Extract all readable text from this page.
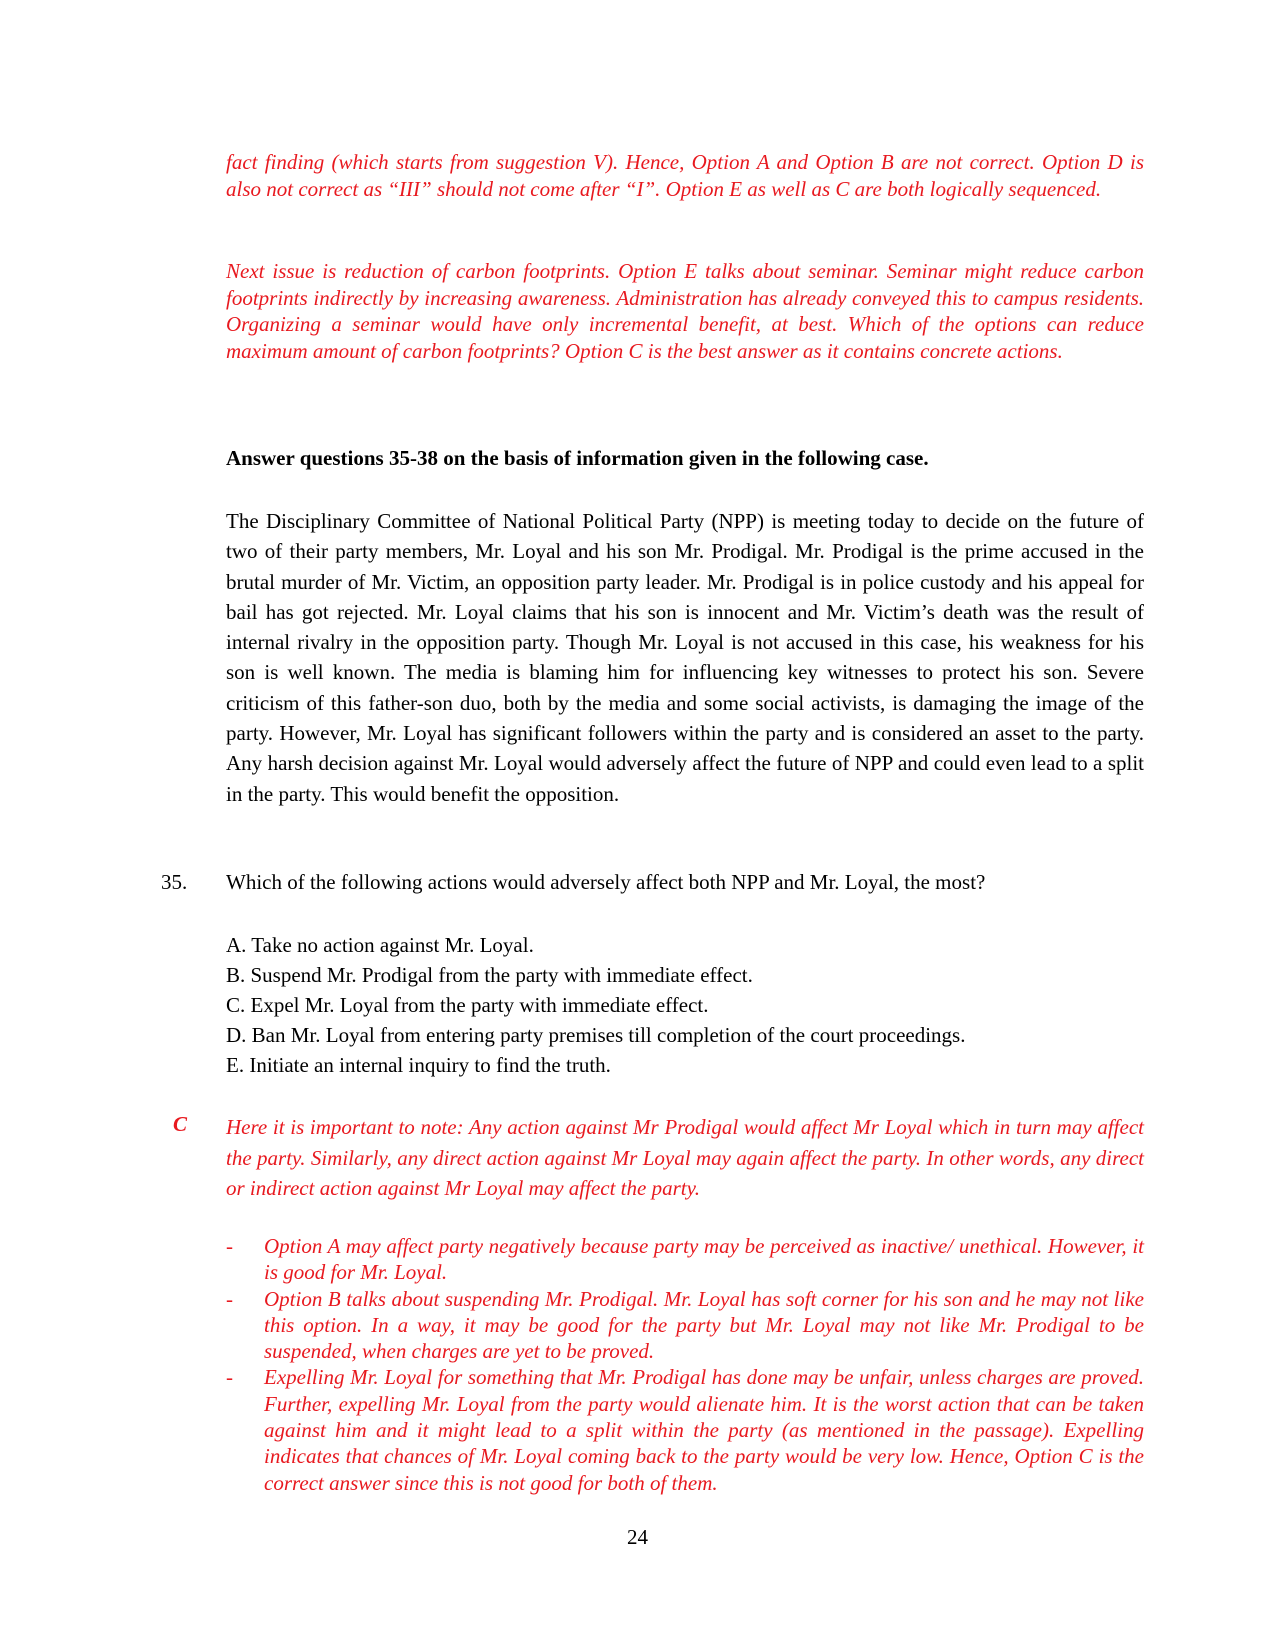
fact finding (which starts from suggestion V). Hence, Option A and Option B are not correct. Option D is also not correct as “III” should not come after “I”. Option E as well as C are both logically sequenced.

Next issue is reduction of carbon footprints. Option E talks about seminar. Seminar might reduce carbon footprints indirectly by increasing awareness. Administration has already conveyed this to campus residents. Organizing a seminar would have only incremental benefit, at best. Which of the options can reduce maximum amount of carbon footprints? Option C is the best answer as it contains concrete actions.

Answer questions 35-38 on the basis of information given in the following case.
The Disciplinary Committee of National Political Party (NPP) is meeting today to decide on the future of two of their party members, Mr. Loyal and his son Mr. Prodigal. Mr. Prodigal is the prime accused in the brutal murder of Mr. Victim, an opposition party leader. Mr. Prodigal is in police custody and his appeal for bail has got rejected. Mr. Loyal claims that his son is innocent and Mr. Victim’s death was the result of internal rivalry in the opposition party. Though Mr. Loyal is not accused in this case, his weakness for his son is well known. The media is blaming him for influencing key witnesses to protect his son. Severe criticism of this father-son duo, both by the media and some social activists, is damaging the image of the party. However, Mr. Loyal has significant followers within the party and is considered an asset to the party. Any harsh decision against Mr. Loyal would adversely affect the future of NPP and could even lead to a split in the party. This would benefit the opposition.
35. Which of the following actions would adversely affect both NPP and Mr. Loyal, the most?
A. Take no action against Mr. Loyal.
B. Suspend Mr. Prodigal from the party with immediate effect.
C. Expel Mr. Loyal from the party with immediate effect.
D. Ban Mr. Loyal from entering party premises till completion of the court proceedings.
E. Initiate an internal inquiry to find the truth.
C Here it is important to note: Any action against Mr Prodigal would affect Mr Loyal which in turn may affect the party. Similarly, any direct action against Mr Loyal may again affect the party. In other words, any direct or indirect action against Mr Loyal may affect the party.
- Option A may affect party negatively because party may be perceived as inactive/ unethical. However, it is good for Mr. Loyal.
- Option B talks about suspending Mr. Prodigal. Mr. Loyal has soft corner for his son and he may not like this option. In a way, it may be good for the party but Mr. Loyal may not like Mr. Prodigal to be suspended, when charges are yet to be proved.
- Expelling Mr. Loyal for something that Mr. Prodigal has done may be unfair, unless charges are proved. Further, expelling Mr. Loyal from the party would alienate him. It is the worst action that can be taken against him and it might lead to a split within the party (as mentioned in the passage). Expelling indicates that chances of Mr. Loyal coming back to the party would be very low. Hence, Option C is the correct answer since this is not good for both of them.
24
